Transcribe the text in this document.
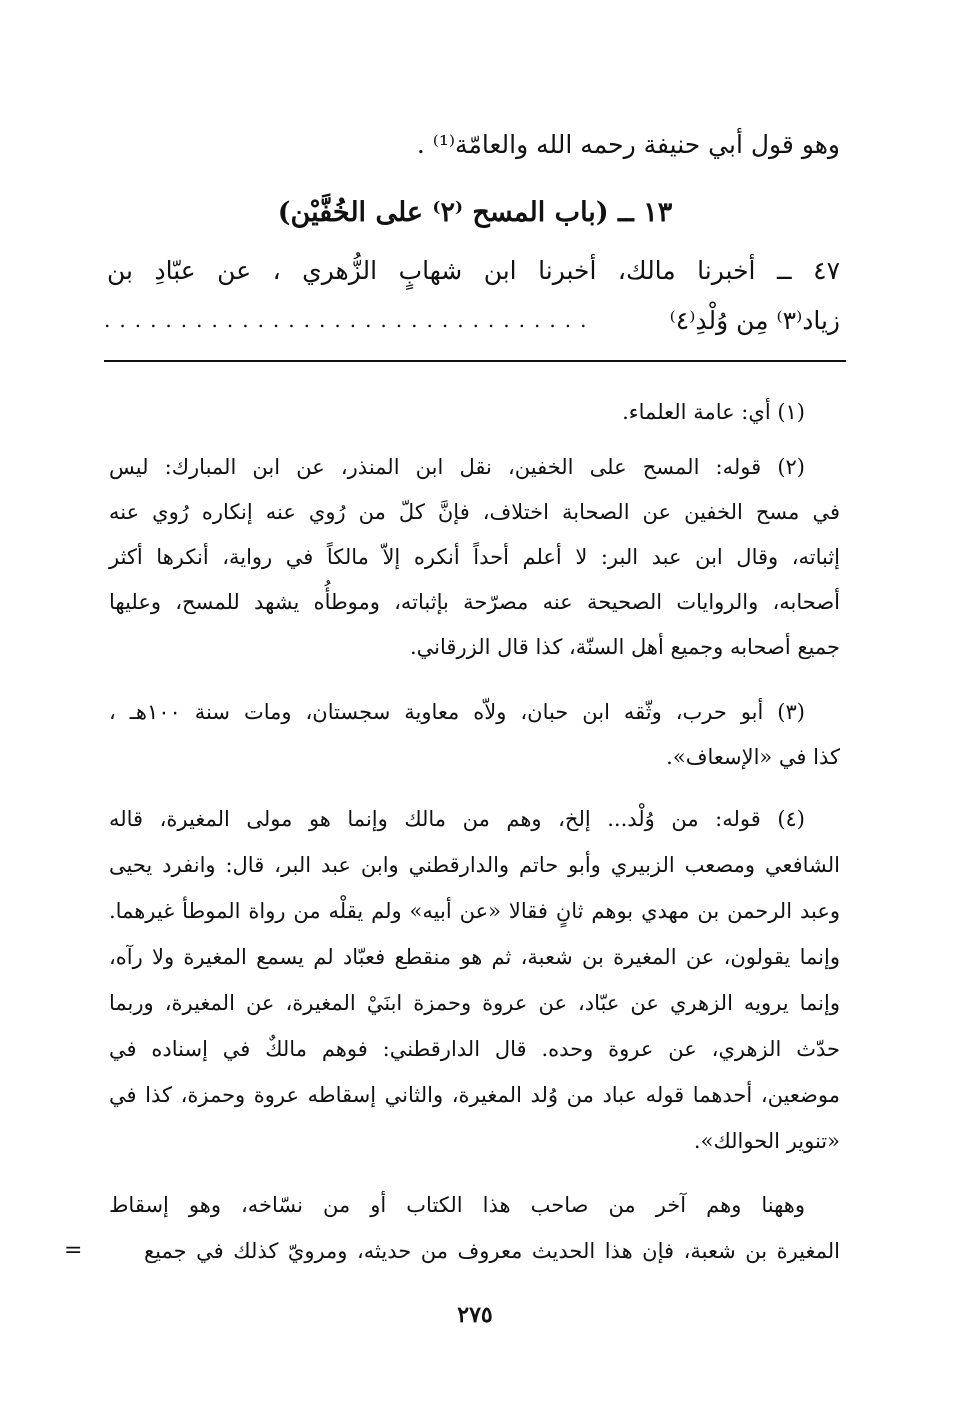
وهو قول أبي حنيفة رحمه الله والعامّة⁽¹⁾ .
١٣ ــ (باب المسح ⁽٢⁾ على الخُفَّيْن)
٤٧ ــ أخبرنا مالك، أخبرنا ابن شهابٍ الزُّهري ، عن عبّادِ بن
زياد⁽٣⁾ مِن وُلْدِ⁽٤⁾
................................
(١) أي: عامة العلماء.
(٢) قوله: المسح على الخفين، نقل ابن المنذر، عن ابن المبارك: ليس
في مسح الخفين عن الصحابة اختلاف، فإنَّ كلّ من رُوي عنه إنكاره رُوي عنه
إثباته، وقال ابن عبد البر: لا أعلم أحداً أنكره إلاّ مالكاً في رواية، أنكرها أكثر
أصحابه، والروايات الصحيحة عنه مصرّحة بإثباته، وموطأُه يشهد للمسح، وعليها
جميع أصحابه وجميع أهل السنّة، كذا قال الزرقاني.
(٣) أبو حرب، وثّقه ابن حبان، ولاّه معاوية سجستان، ومات سنة ١٠٠هـ ،
كذا في «الإسعاف».
(٤) قوله: من وُلْد... إلخ، وهم من مالك وإنما هو مولى المغيرة، قاله
الشافعي ومصعب الزبيري وأبو حاتم والدارقطني وابن عبد البر، قال: وانفرد يحيى
وعبد الرحمن بن مهدي بوهم ثانٍ فقالا «عن أبيه» ولم يقلْه من رواة الموطأ غيرهما.
وإنما يقولون، عن المغيرة بن شعبة، ثم هو منقطع فعبّاد لم يسمع المغيرة ولا رآه،
وإنما يرويه الزهري عن عبّاد، عن عروة وحمزة ابنَيْ المغيرة، عن المغيرة، وربما
حدّث الزهري، عن عروة وحده. قال الدارقطني: فوهم مالكٌ في إسناده في
موضعين، أحدهما قوله عباد من وُلد المغيرة، والثاني إسقاطه عروة وحمزة، كذا في
«تنوير الحوالك».
وههنا وهم آخر من صاحب هذا الكتاب أو من نسّاخه، وهو إسقاط
المغيرة بن شعبة، فإن هذا الحديث معروف من حديثه، ومرويّ كذلك في جميع
=
٢٧٥
